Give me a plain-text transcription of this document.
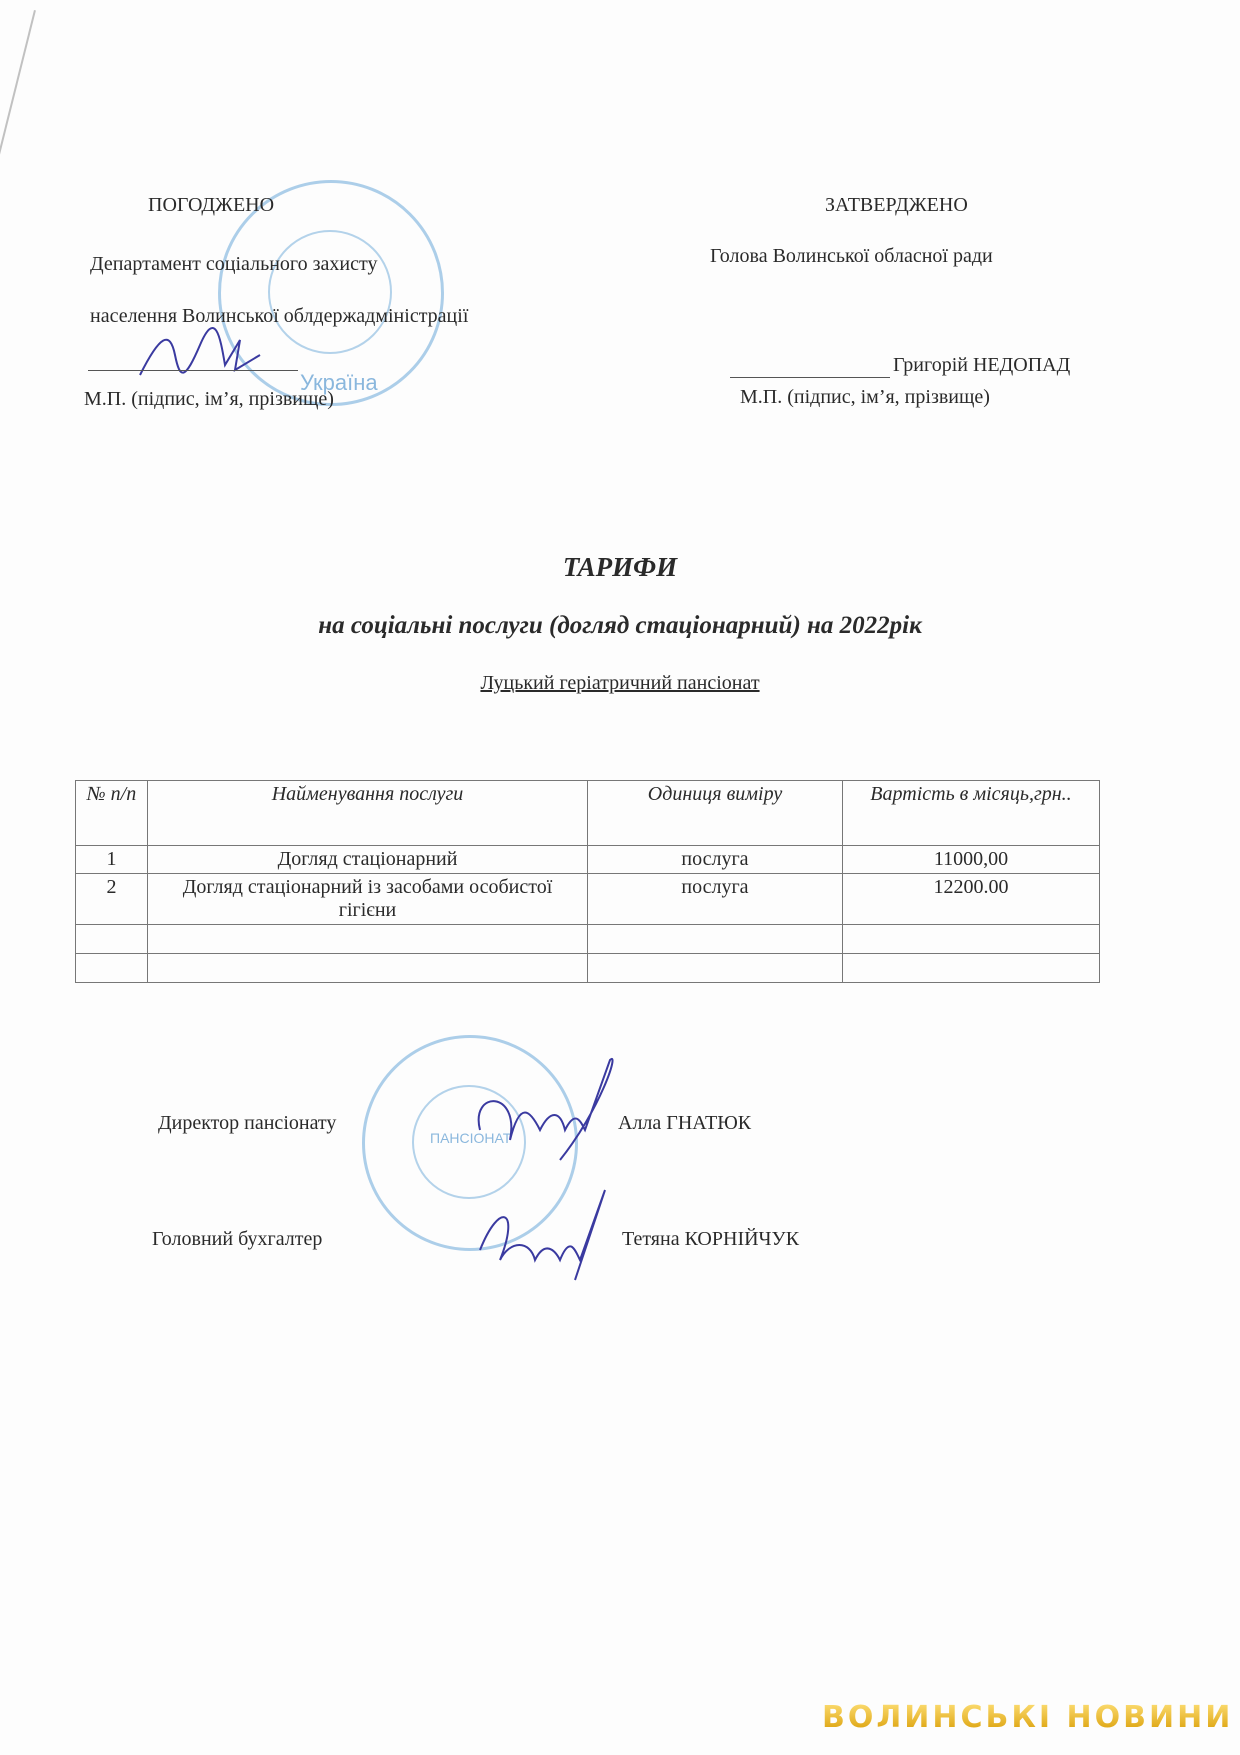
Україна
ПОГОДЖЕНО
Департамент соціального захисту
населення Волинської облдержадміністрації
М.П. (підпис, ім’я, прізвище)
ЗАТВЕРДЖЕНО
Голова Волинської обласної ради
Григорій НЕДОПАД
М.П. (підпис, ім’я, прізвище)
ТАРИФИ
на соціальні послуги (догляд стаціонарний) на 2022рік
Луцький геріатричний пансіонат
№ п/п	Найменування послуги	Одиниця виміру	Вартість в місяць,грн..
1	Догляд стаціонарний	послуга	11000,00
2	Догляд стаціонарний із засобами особистої гігієни	послуга	12200.00

ПАНСІОНАТ
Директор пансіонату	Алла ГНАТЮК
Головний бухгалтер	Тетяна КОРНІЙЧУК
ВОЛИНСЬКІ НОВИНИ
